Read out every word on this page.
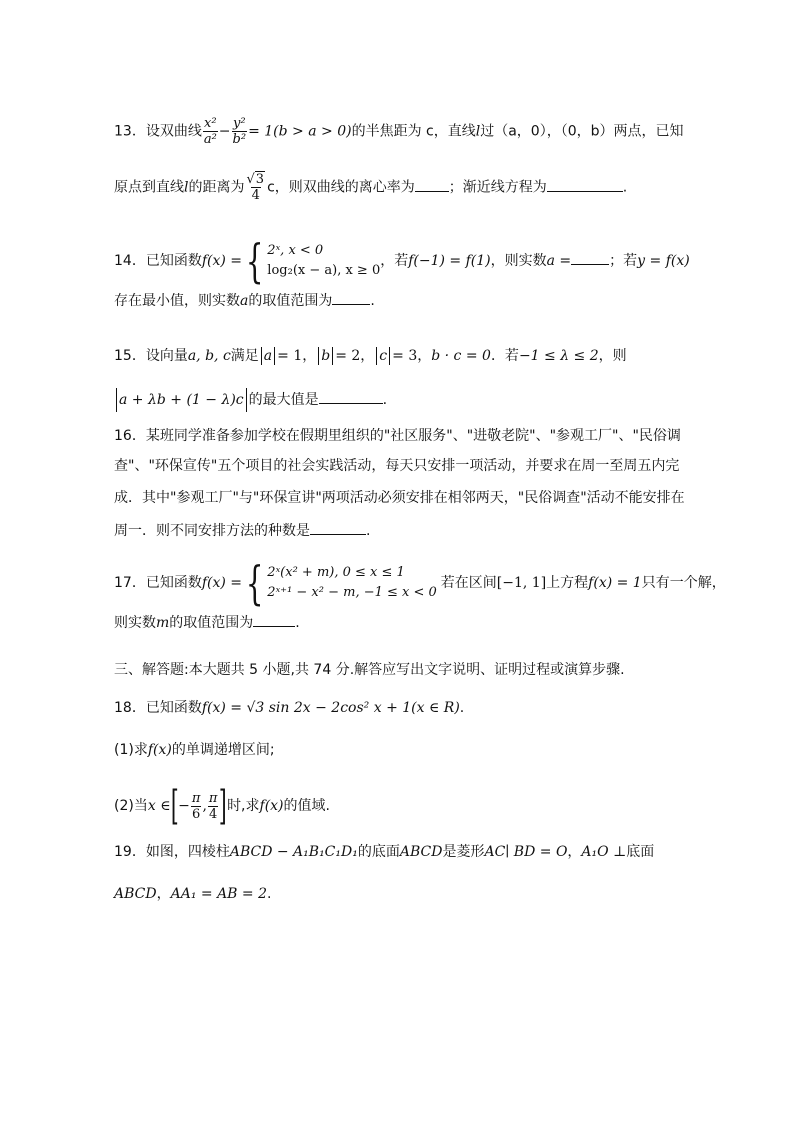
13．设双曲线 $\frac{\text{x²}}{\text{a²}} - \frac{\text{y²}}{\text{b²}} = 1(b > a > 0)$的半焦距为 c，直线l过（a，0），（0，b）两点，已知
原点到直线l的距离为 $\frac{√3}{4}$ c，则双曲线的离心率为 ；渐近线方程为	.
14．已知函数f(x) ={ 2ˣ, x < 0
log₂(x − a), x ≥ 0
，若f(−1) = f(1)，则实数a =	；若y = f(x)
存在最小值，则实数a的取值范围为	.
15．设向量a, b, c满足 a = 1， b = 2， c = 3，b · c = 0．若−1 ≤ λ ≤ 2，则
a + λb + (1 − λ)c 的最大值是	.
16．某班同学准备参加学校在假期里组织的"社区服务"、"进敬老院"、"参观工厂"、"民俗调
查"、"环保宣传"五个项目的社会实践活动，每天只安排一项活动，并要求在周一至周五内完
成．其中"参观工厂"与"环保宣讲"两项活动必须安排在相邻两天，"民俗调查"活动不能安排在
周一．则不同安排方法的种数是	.
17．已知函数f(x) ={ 2ˣ(x² + m), 0 ≤ x ≤ 1
2ˣ⁺¹ − x² − m, −1 ≤ x < 0
若在区间[−1, 1]上方程f(x) = 1只有一个解，
则实数m的取值范围为	.
三、解答题:本大题共 5 小题,共 74 分.解答应写出文字说明、证明过程或演算步骤.
18．已知函数f(x) = √3 sin 2x − 2cos² x + 1(x ∈ R).
(1)求f(x)的单调递增区间;
(2)当x ∈[− $\frac{\pi}{6}$ , $\frac{\pi}{4}$ ]时,求f(x)的值域.
19．如图，四棱柱ABCD − A₁B₁C₁D₁的底面ABCD是菱形AC∣ BD = O，A₁O ⊥底面
ABCD，AA₁ = AB = 2.
